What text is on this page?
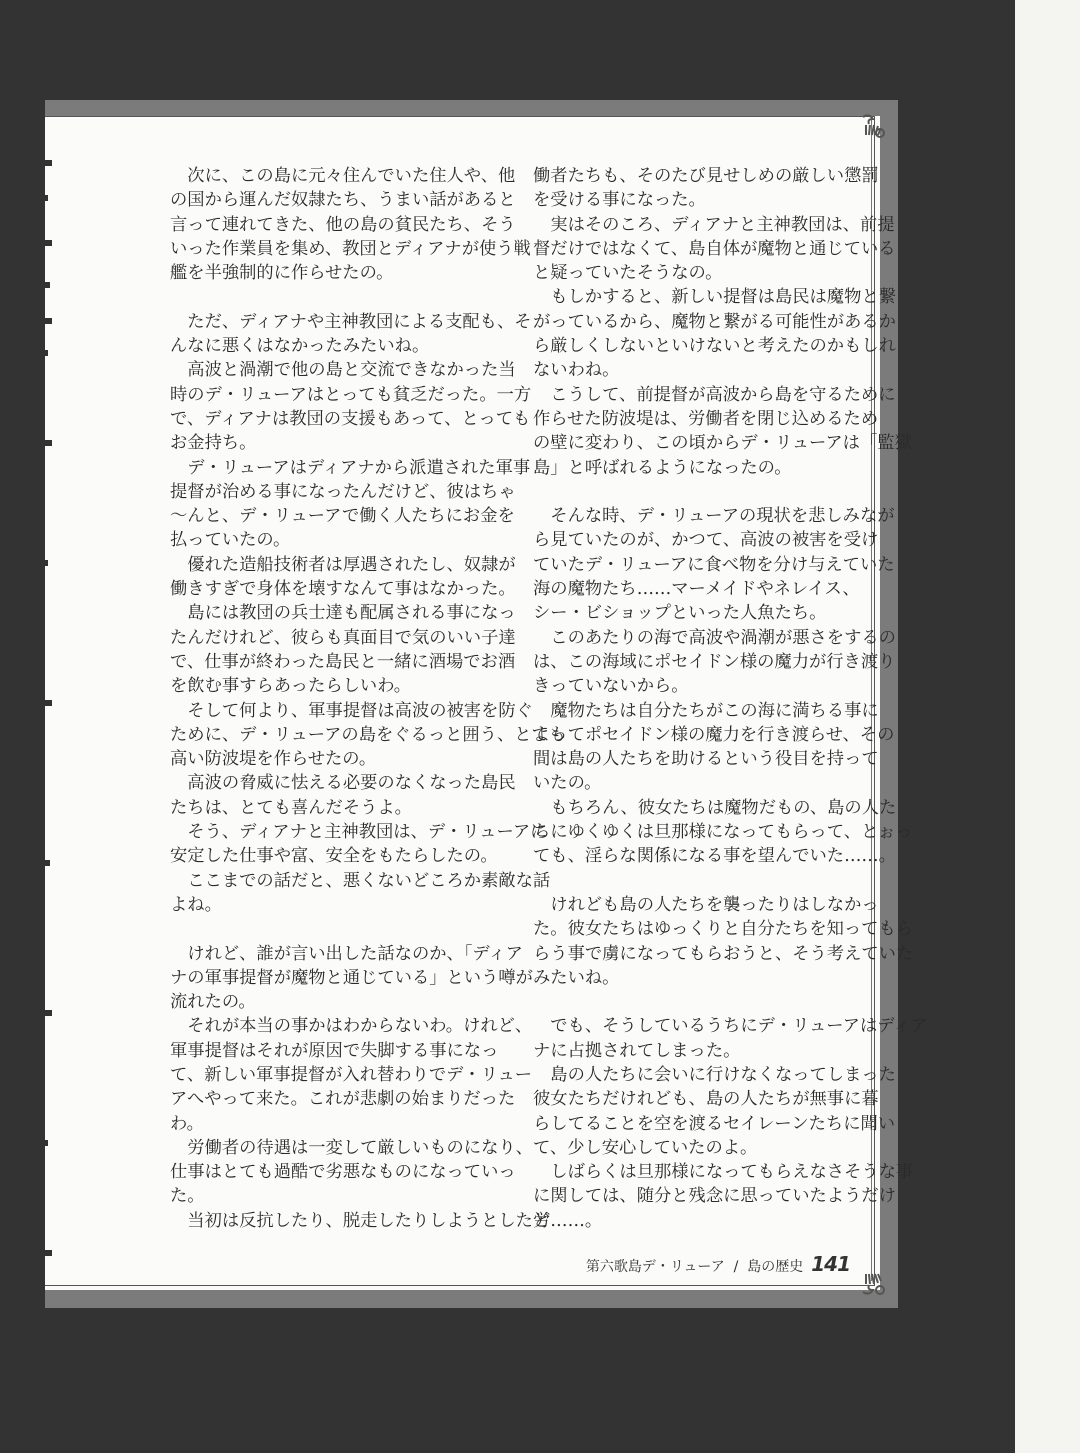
　次に、この島に元々住んでいた住人や、他
の国から運んだ奴隷たち、うまい話があると
言って連れてきた、他の島の貧民たち、そう
いった作業員を集め、教団とディアナが使う戦
艦を半強制的に作らせたの。
　ただ、ディアナや主神教団による支配も、そ
んなに悪くはなかったみたいね。
　高波と渦潮で他の島と交流できなかった当
時のデ・リューアはとっても貧乏だった。一方
で、ディアナは教団の支援もあって、とっても
お金持ち。
　デ・リューアはディアナから派遣された軍事
提督が治める事になったんだけど、彼はちゃ
〜んと、デ・リューアで働く人たちにお金を
払っていたの。
　優れた造船技術者は厚遇されたし、奴隷が
働きすぎで身体を壊すなんて事はなかった。
　島には教団の兵士達も配属される事になっ
たんだけれど、彼らも真面目で気のいい子達
で、仕事が終わった島民と一緒に酒場でお酒
を飲む事すらあったらしいわ。
　そして何より、軍事提督は高波の被害を防ぐ
ために、デ・リューアの島をぐるっと囲う、とても
高い防波堤を作らせたの。
　高波の脅威に怯える必要のなくなった島民
たちは、とても喜んだそうよ。
　そう、ディアナと主神教団は、デ・リューアに
安定した仕事や富、安全をもたらしたの。
　ここまでの話だと、悪くないどころか素敵な話
よね。
　けれど、誰が言い出した話なのか、「ディア
ナの軍事提督が魔物と通じている」という噂が
流れたの。
　それが本当の事かはわからないわ。けれど、
軍事提督はそれが原因で失脚する事になっ
て、新しい軍事提督が入れ替わりでデ・リュー
アへやって来た。これが悲劇の始まりだった
わ。
　労働者の待遇は一変して厳しいものになり、
仕事はとても過酷で劣悪なものになっていっ
た。
　当初は反抗したり、脱走したりしようとした労
働者たちも、そのたび見せしめの厳しい懲罰
を受ける事になった。
　実はそのころ、ディアナと主神教団は、前提
督だけではなくて、島自体が魔物と通じている
と疑っていたそうなの。
　もしかすると、新しい提督は島民は魔物と繋
がっているから、魔物と繋がる可能性があるか
ら厳しくしないといけないと考えたのかもしれ
ないわね。
　こうして、前提督が高波から島を守るために
作らせた防波堤は、労働者を閉じ込めるため
の壁に変わり、この頃からデ・リューアは「監獄
島」と呼ばれるようになったの。
　そんな時、デ・リューアの現状を悲しみなが
ら見ていたのが、かつて、高波の被害を受け
ていたデ・リューアに食べ物を分け与えていた
海の魔物たち……マーメイドやネレイス、
シー・ビショップといった人魚たち。
　このあたりの海で高波や渦潮が悪さをするの
は、この海域にポセイドン様の魔力が行き渡り
きっていないから。
　魔物たちは自分たちがこの海に満ちる事に
よってポセイドン様の魔力を行き渡らせ、その
間は島の人たちを助けるという役目を持って
いたの。
　もちろん、彼女たちは魔物だもの、島の人た
ちにゆくゆくは旦那様になってもらって、とぉっ
ても、淫らな関係になる事を望んでいた……。
　けれども島の人たちを襲ったりはしなかっ
た。彼女たちはゆっくりと自分たちを知ってもら
らう事で虜になってもらおうと、そう考えていた
みたいね。
　でも、そうしているうちにデ・リューアはディア
ナに占拠されてしまった。
　島の人たちに会いに行けなくなってしまった
彼女たちだけれども、島の人たちが無事に暮
らしてることを空を渡るセイレーンたちに聞い
て、少し安心していたのよ。
　しばらくは旦那様になってもらえなさそうな事
に関しては、随分と残念に思っていたようだけ
ど……。
第六歌島デ・リューア / 島の歴史 141
